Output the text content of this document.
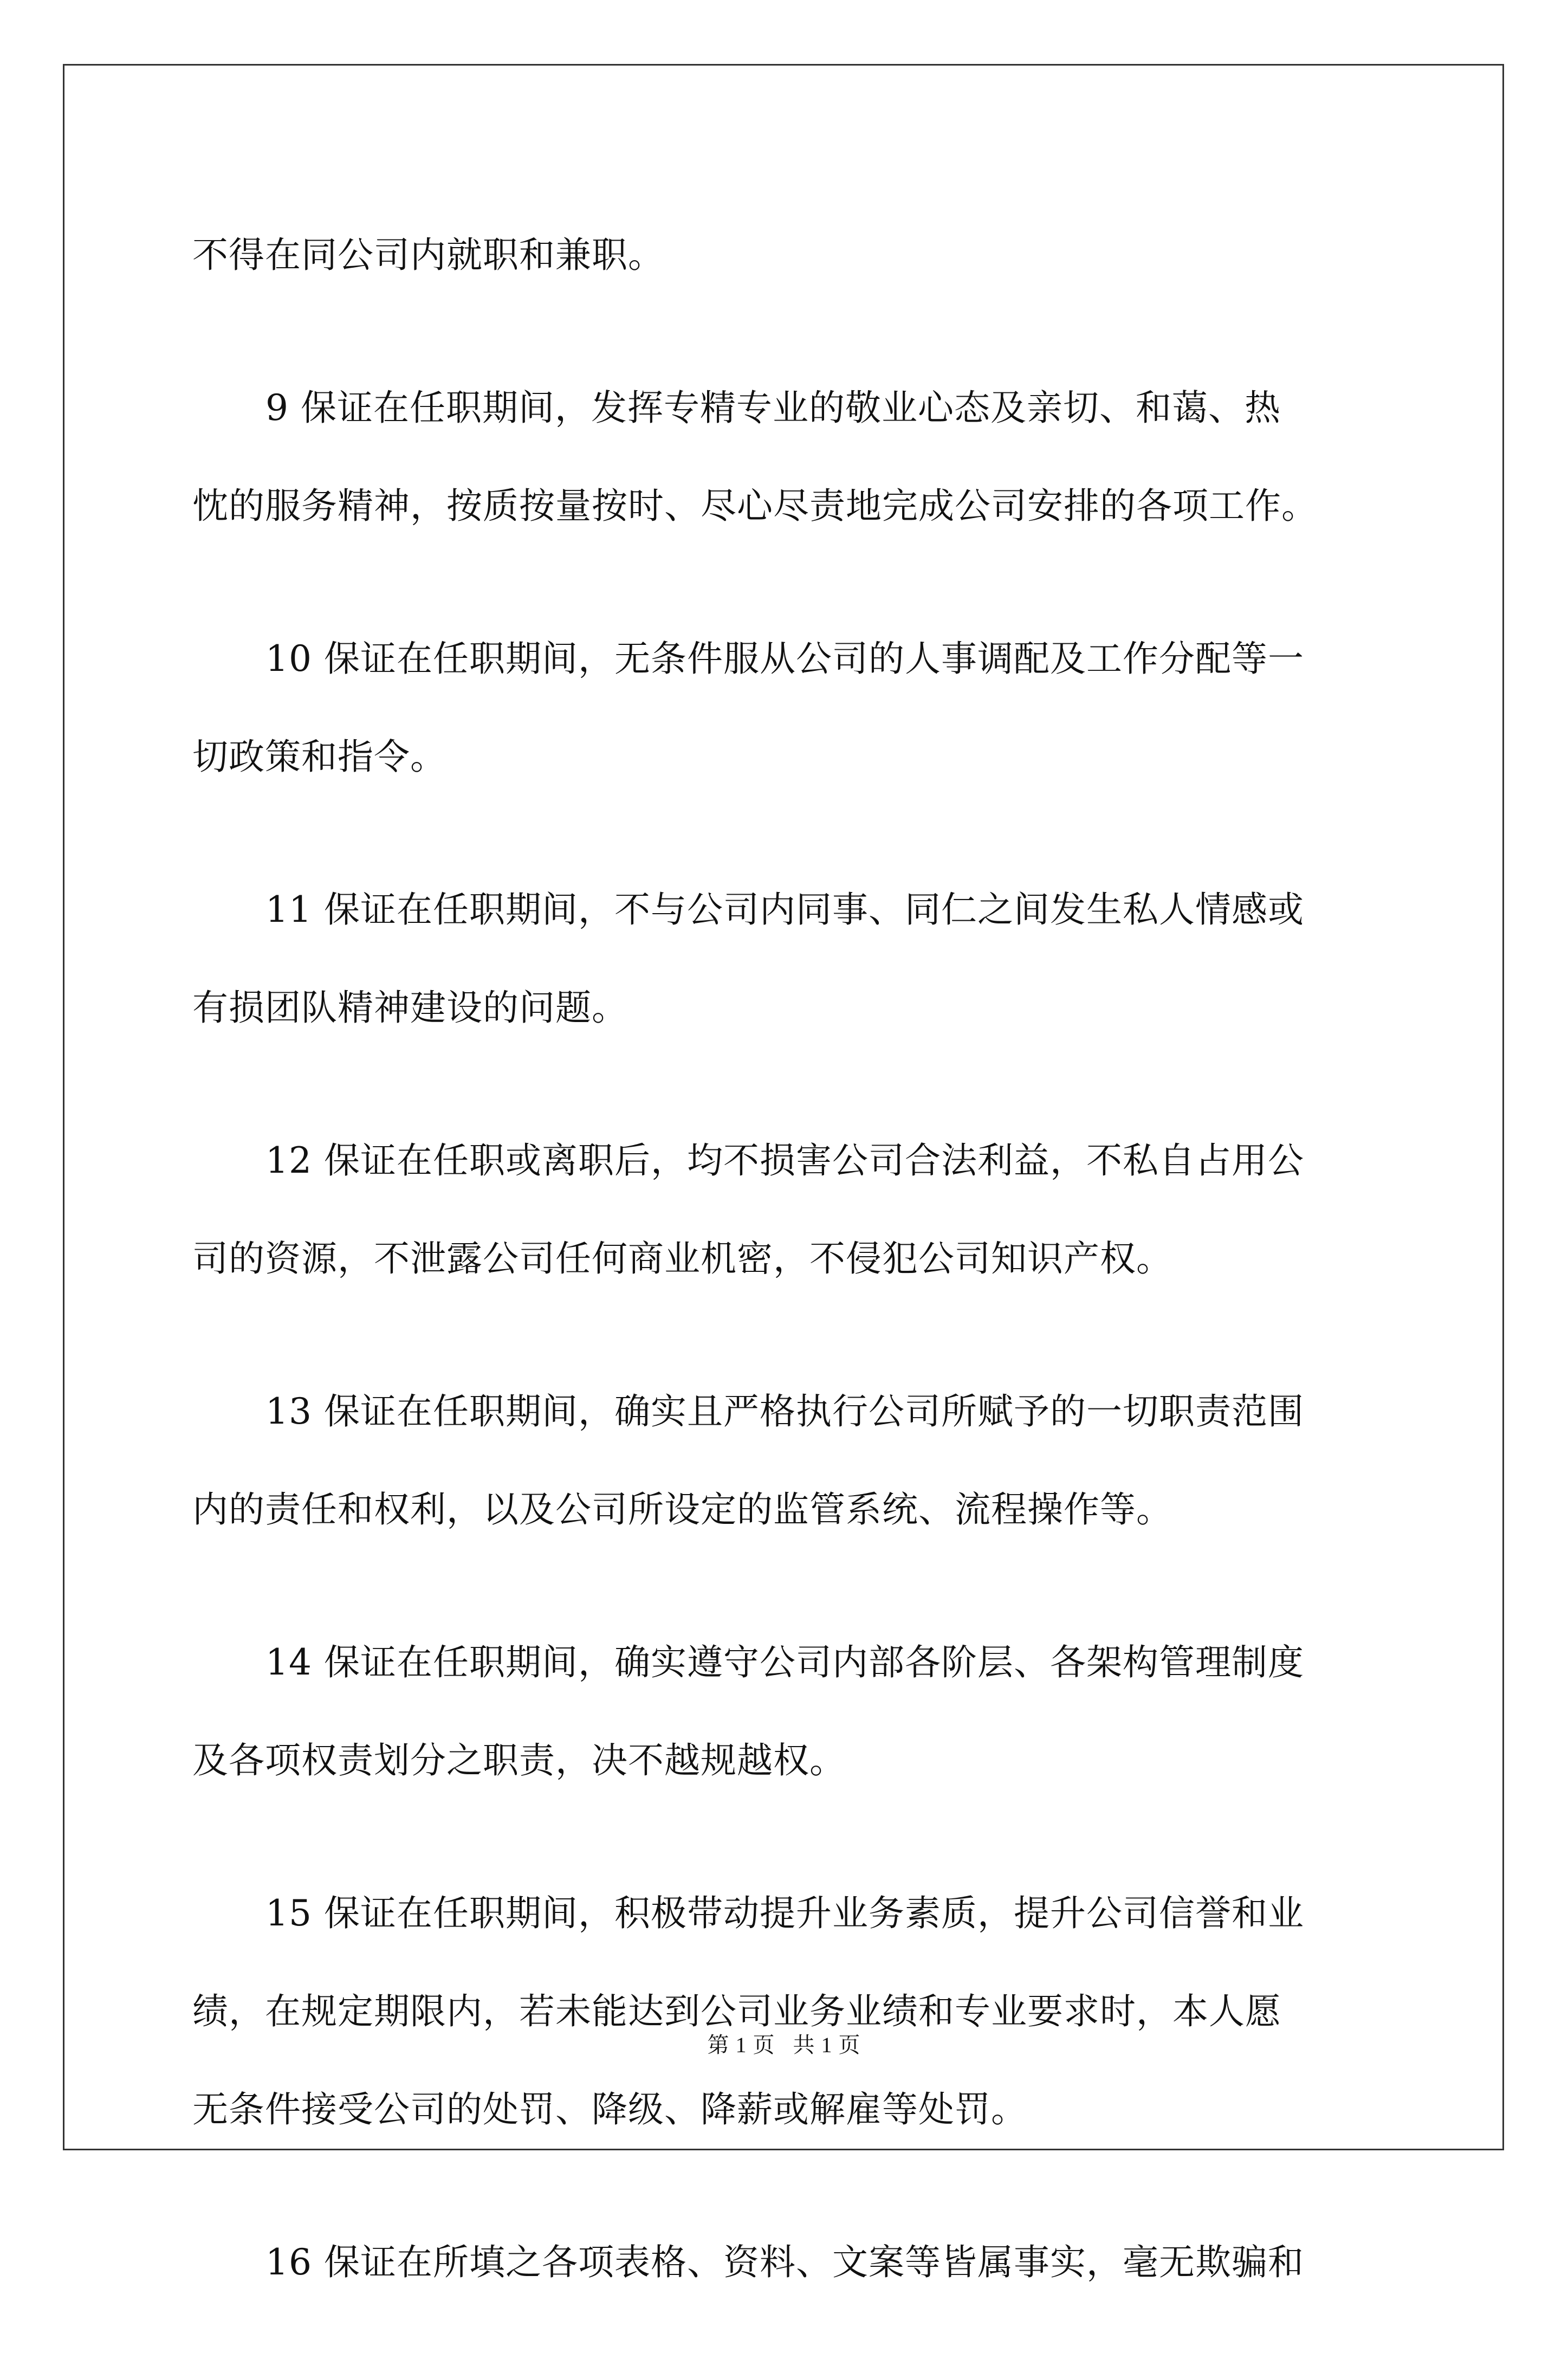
不得在同公司内就职和兼职。

9 保证在任职期间，发挥专精专业的敬业心态及亲切、和蔼、热
忱的服务精神，按质按量按时、尽心尽责地完成公司安排的各项工作。

10 保证在任职期间，无条件服从公司的人事调配及工作分配等一
切政策和指令。

11 保证在任职期间，不与公司内同事、同仁之间发生私人情感或
有损团队精神建设的问题。

12 保证在任职或离职后，均不损害公司合法利益，不私自占用公
司的资源，不泄露公司任何商业机密，不侵犯公司知识产权。

13 保证在任职期间，确实且严格执行公司所赋予的一切职责范围
内的责任和权利，以及公司所设定的监管系统、流程操作等。

14 保证在任职期间，确实遵守公司内部各阶层、各架构管理制度
及各项权责划分之职责，决不越规越权。

15 保证在任职期间，积极带动提升业务素质，提升公司信誉和业
绩，在规定期限内，若未能达到公司业务业绩和专业要求时，本人愿
无条件接受公司的处罚、降级、降薪或解雇等处罚。

16 保证在所填之各项表格、资料、文案等皆属事实，毫无欺骗和

第 1 页 共 1 页
